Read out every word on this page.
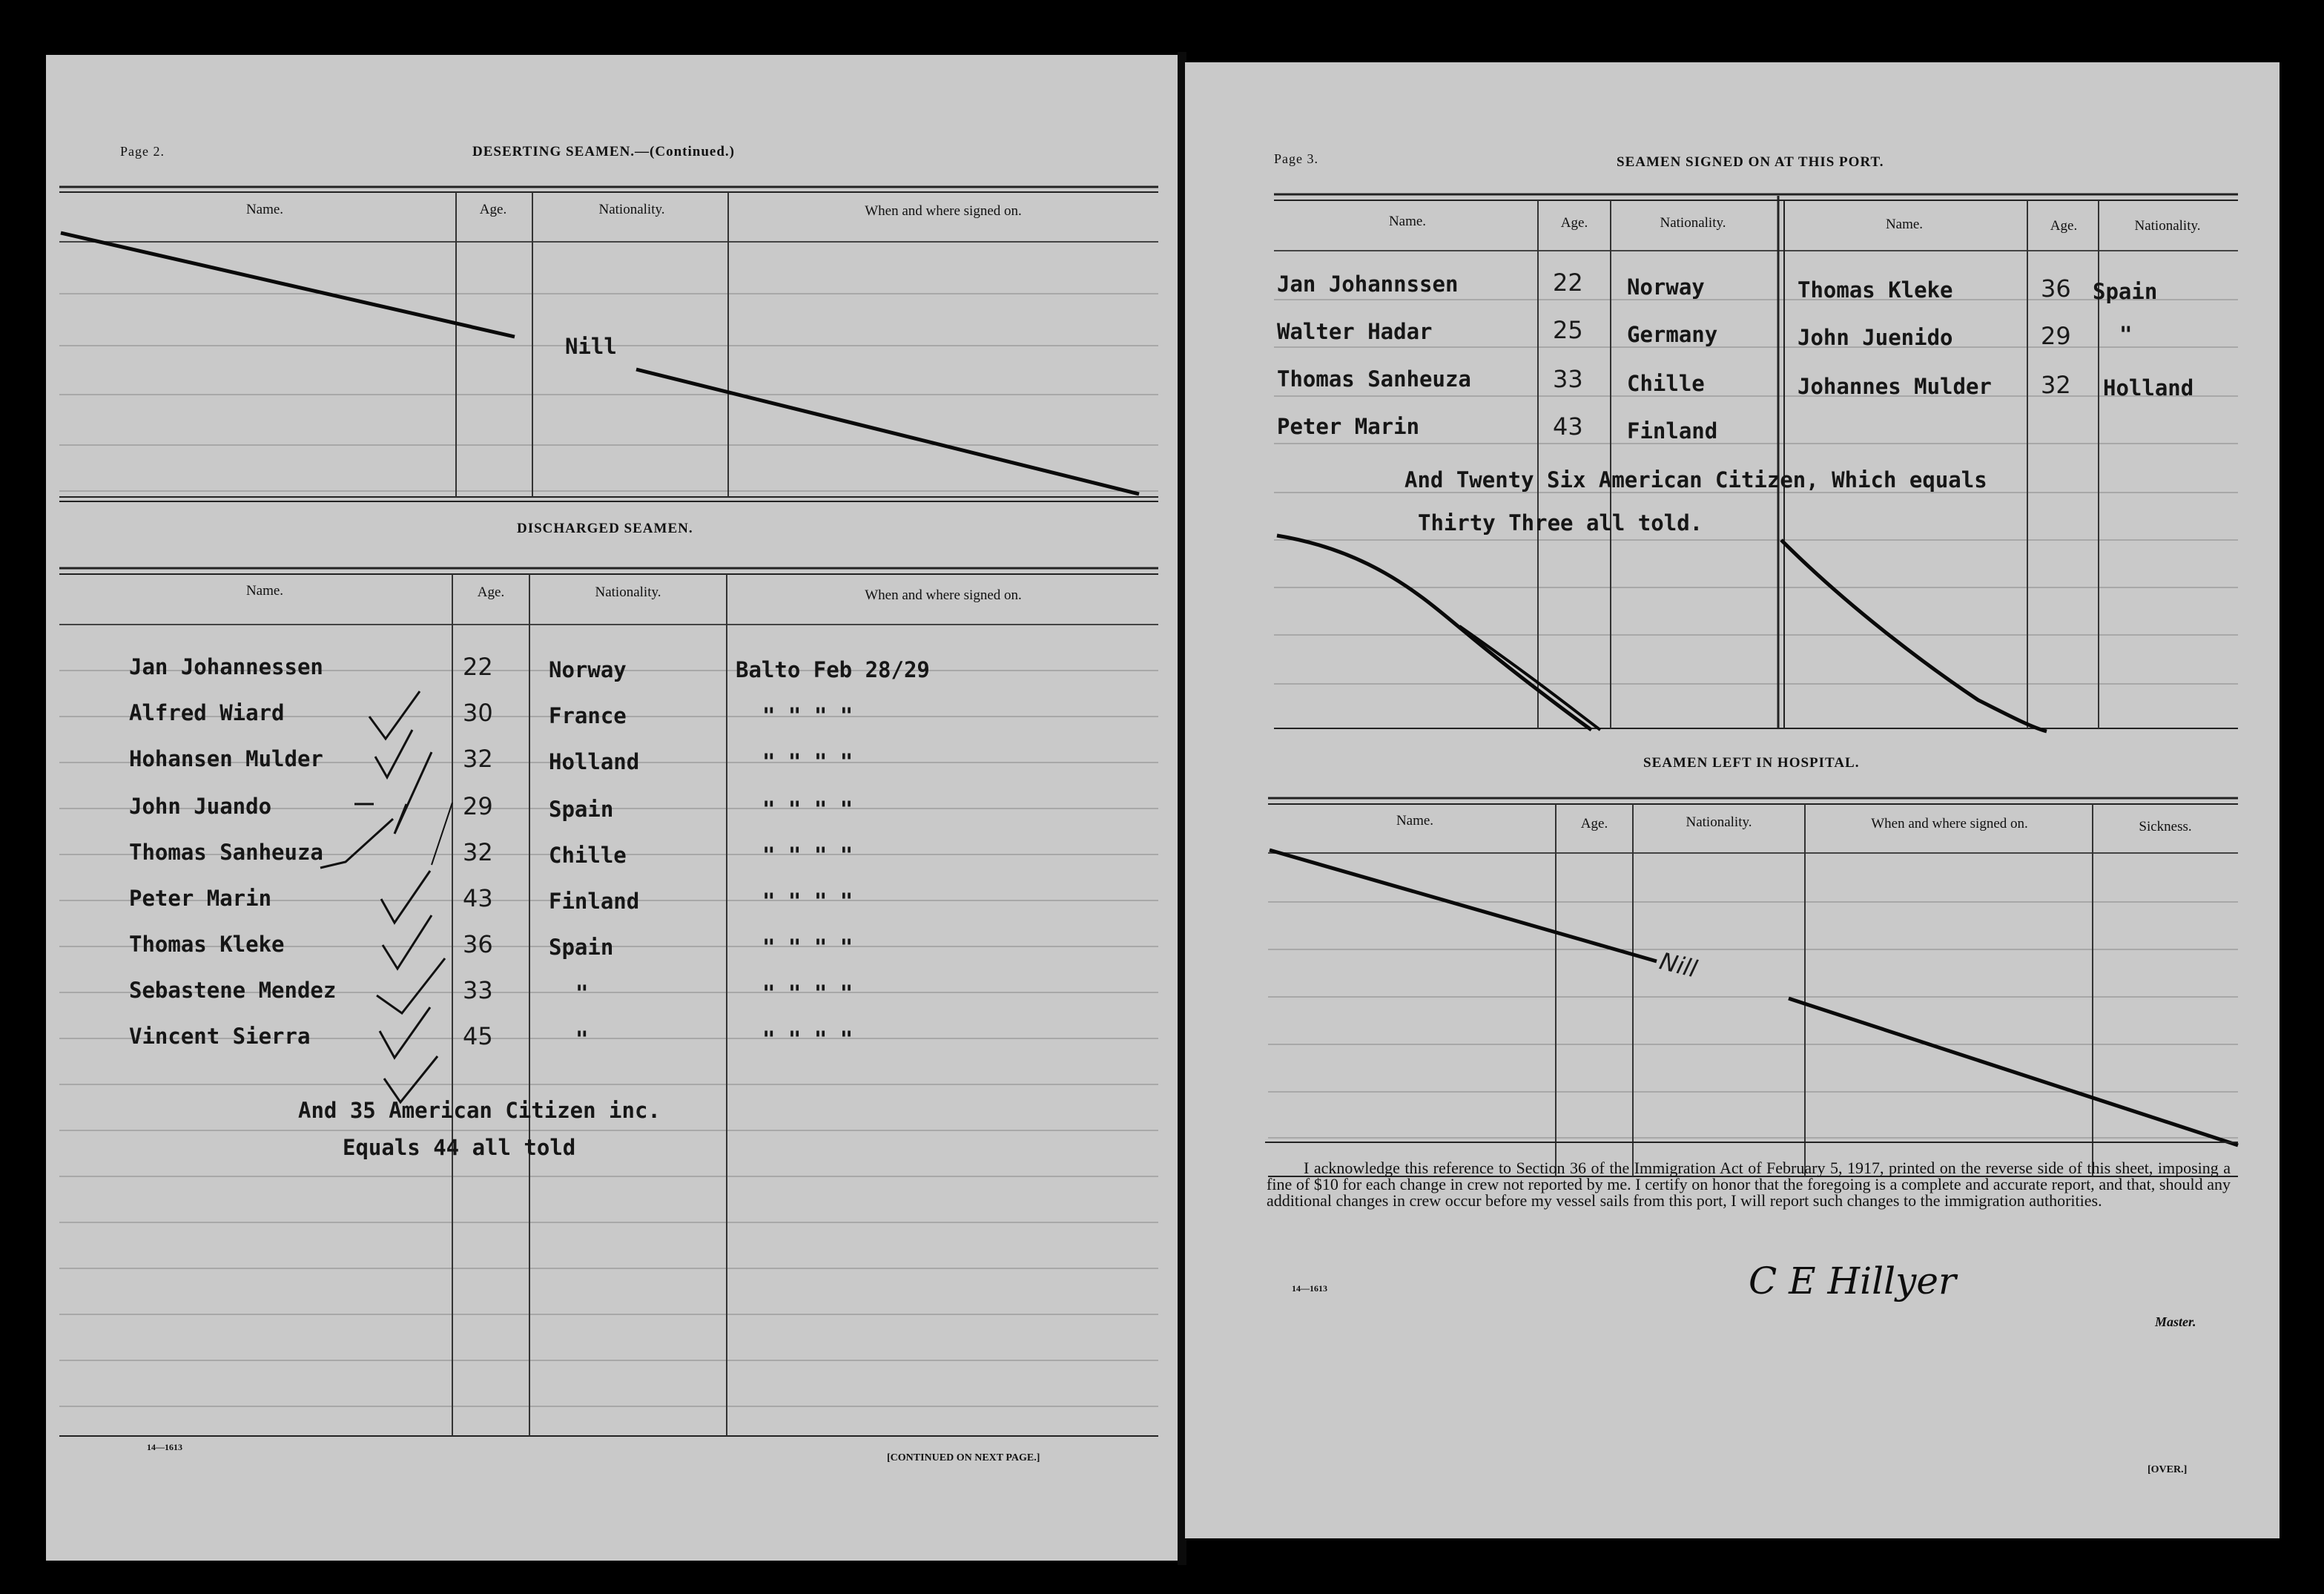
Page 2.	DESERTING SEAMEN.—(Continued.)
Name.	Age.	Nationality.	When and where signed on.
Nill
DISCHARGED SEAMEN.
Name.	Age.	Nationality.	When and where signed on.
Jan Johannessen	22	Norway	Balto Feb 28/29
Alfred Wiard	30	France	" " " "
Hohansen Mulder	32	Holland	" " " "
John Juando	29	Spain	" " " "
Thomas Sanheuza	32	Chille	" " " "
Peter Marin	43	Finland	" " " "
Thomas Kleke	36	Spain	" " " "
Sebastene Mendez	33	"	" " " "
Vincent Sierra	45	"	" " " "
And 35 American Citizen inc.
Equals 44 all told
14—1613
[CONTINUED ON NEXT PAGE.]
Page 3.	SEAMEN SIGNED ON AT THIS PORT.
Name.	Age.	Nationality.	Name.	Age.	Nationality.
Jan Johannssen	22 Norway
Walter Hadar	25 Germany
Thomas Sanheuza	33 Chille
Peter Marin	43 Finland
Thomas Kleke	36 Spain
John Juenido	29 "
Johannes Mulder 32 Holland
And Twenty Six American Citizen, Which equals
Thirty Three all told.
SEAMEN LEFT IN HOSPITAL.
Name.	Age.	Nationality.	When and where signed on.	Sickness.
Nill
I acknowledge this reference to Section 36 of the Immigration Act of February 5, 1917, printed on the reverse side of this sheet, imposing a fine of $10 for each change in crew not reported by me. I certify on honor that the foregoing is a complete and accurate report, and that, should any additional changes in crew occur before my vessel sails from this port, I will report such changes to the immigration authorities.
14—1613	C E Hillyer
Master.
[OVER.]
